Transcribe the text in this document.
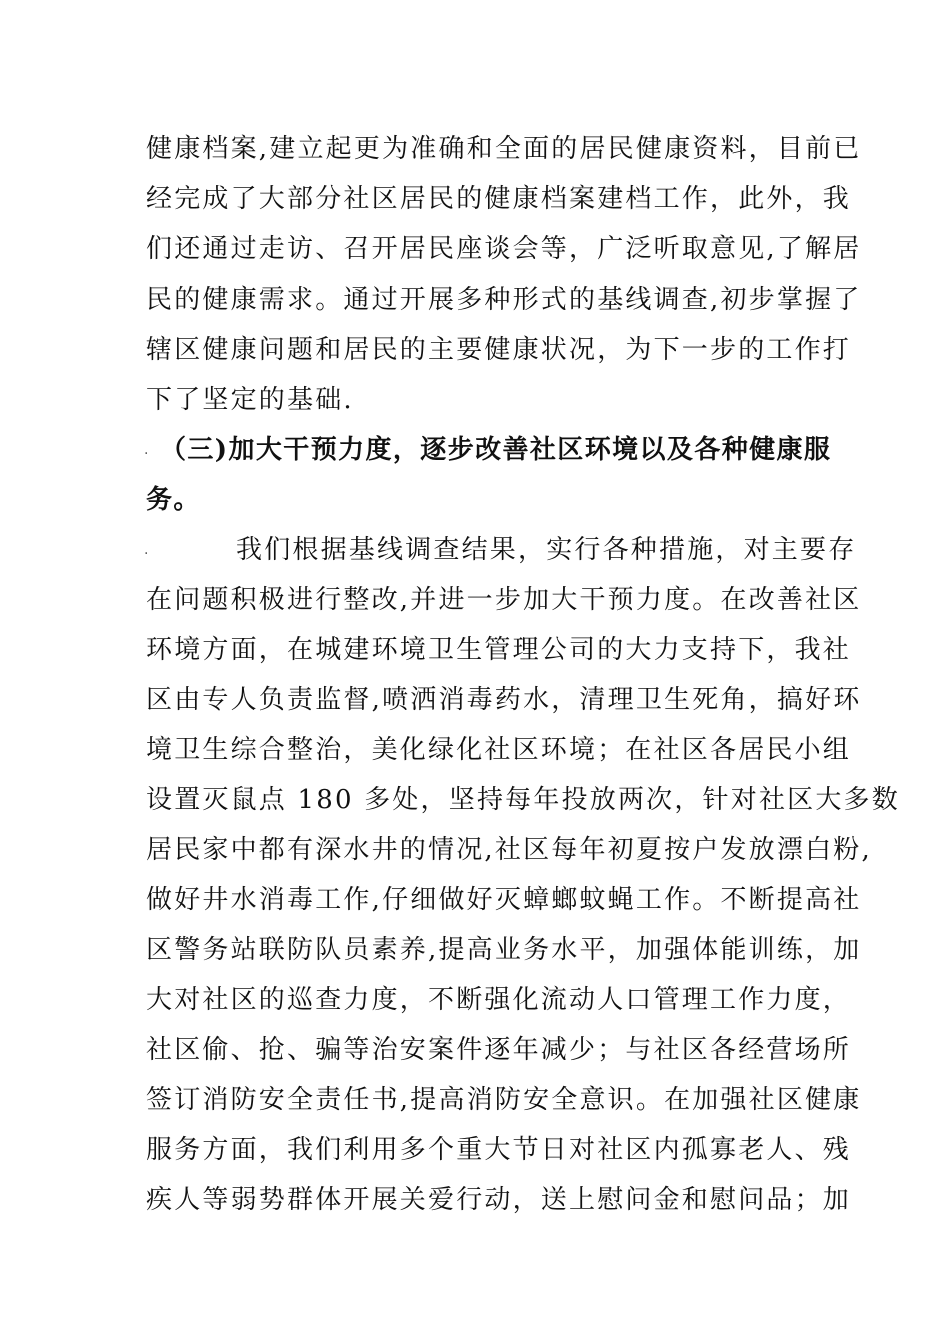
健康档案,建立起更为准确和全面的居民健康资料，目前已
经完成了大部分社区居民的健康档案建档工作，此外，我
们还通过走访、召开居民座谈会等，广泛听取意见,了解居
民的健康需求。通过开展多种形式的基线调查,初步掌握了
辖区健康问题和居民的主要健康状况，为下一步的工作打
下了坚定的基础.
. （三)加大干预力度，逐步改善社区环境以及各种健康服
务。
.	我们根据基线调查结果，实行各种措施，对主要存
在问题积极进行整改,并进一步加大干预力度。在改善社区
环境方面，在城建环境卫生管理公司的大力支持下，我社
区由专人负责监督,喷洒消毒药水，清理卫生死角，搞好环
境卫生综合整治，美化绿化社区环境；在社区各居民小组
设置灭鼠点 180 多处，坚持每年投放两次，针对社区大多数
居民家中都有深水井的情况,社区每年初夏按户发放漂白粉,
做好井水消毒工作,仔细做好灭蟑螂蚊蝇工作。不断提高社
区警务站联防队员素养,提高业务水平，加强体能训练，加
大对社区的巡查力度，不断强化流动人口管理工作力度，
社区偷、抢、骗等治安案件逐年减少；与社区各经营场所
签订消防安全责任书,提高消防安全意识。在加强社区健康
服务方面，我们利用多个重大节日对社区内孤寡老人、残
疾人等弱势群体开展关爱行动，送上慰问金和慰问品；加
